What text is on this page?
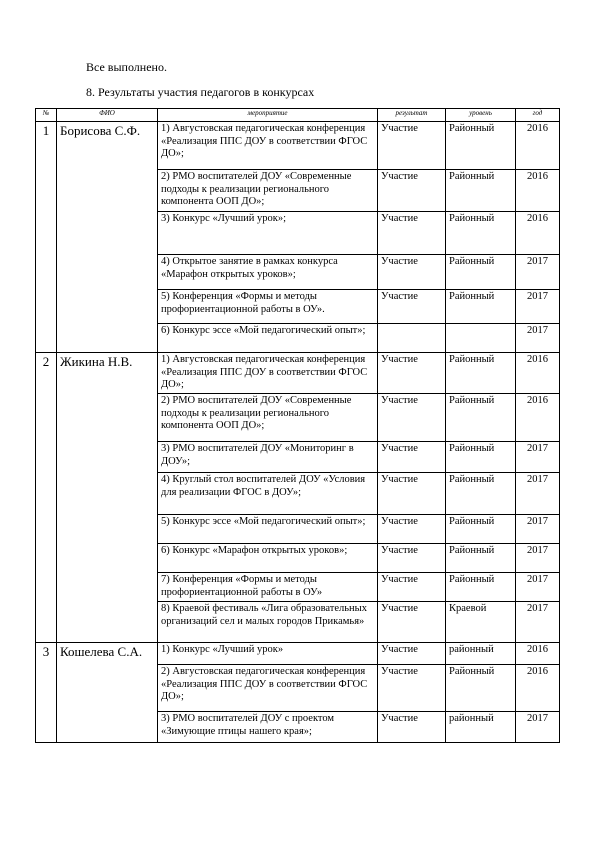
Все выполнено.
8. Результаты участия педагогов в конкурсах
№	ФИО	мероприятие	результат	уровень	год
1	Борисова С.Ф.	1) Августовская педагогическая конференция «Реализация ППС ДОУ в соответствии ФГОС ДО»;	Участие	Районный	2016
		2) РМО воспитателей ДОУ «Современные подходы к реализации регионального компонента ООП ДО»;	Участие	Районный	2016
		3) Конкурс «Лучший урок»;	Участие	Районный	2016
		4) Открытое занятие в рамках конкурса «Марафон открытых уроков»;	Участие	Районный	2017
		5) Конференция «Формы и методы профориентационной работы в ОУ».	Участие	Районный	2017
		6) Конкурс эссе «Мой педагогический опыт»;			2017
2	Жикина Н.В.	1) Августовская педагогическая конференция «Реализация ППС ДОУ в соответствии ФГОС ДО»;	Участие	Районный	2016
		2) РМО воспитателей ДОУ «Современные подходы к реализации регионального компонента ООП ДО»;	Участие	Районный	2016
		3) РМО воспитателей ДОУ «Мониторинг в ДОУ»;	Участие	Районный	2017
		4) Круглый стол воспитателей ДОУ «Условия для реализации ФГОС в ДОУ»;	Участие	Районный	2017
		5) Конкурс эссе «Мой педагогический опыт»;	Участие	Районный	2017
		6) Конкурс «Марафон открытых уроков»;	Участие	Районный	2017
		7) Конференция «Формы и методы профориентационной работы в ОУ»	Участие	Районный	2017
		8) Краевой фестиваль «Лига образовательных организаций сел и малых городов Прикамья»	Участие	Краевой	2017
3	Кошелева С.А.	1) Конкурс «Лучший урок»	Участие	районный	2016
		2) Августовская педагогическая конференция «Реализация ППС ДОУ в соответствии ФГОС ДО»;	Участие	Районный	2016
		3) РМО воспитателей ДОУ с проектом «Зимующие птицы нашего края»;	Участие	районный	2017
